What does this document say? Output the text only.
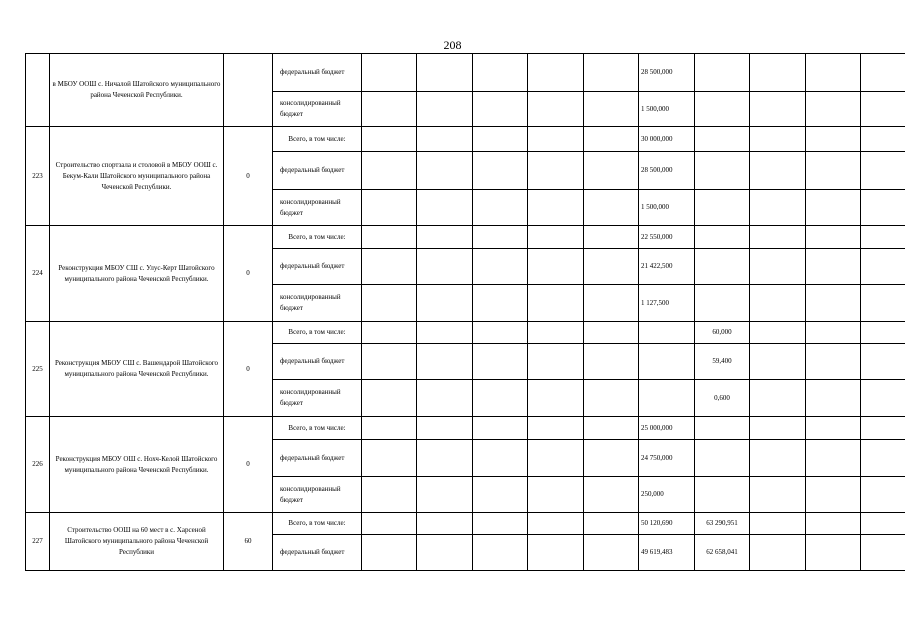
208
	в МБОУ ООШ с. Ничалой Шатойского муниципального района Чеченской Республики.		федеральный бюджет						28 500,000				
			консолидированный бюджет						1 500,000				
223	Строительство спортзала и столовой в МБОУ ООШ с. Бекум-Кали Шатойского муниципального района Чеченской Республики.	0	Всего, в том числе:						30 000,000				
			федеральный бюджет						28 500,000				
			консолидированный бюджет						1 500,000				
224	Реконструкция МБОУ СШ с. Улус-Керт Шатойского муниципального района Чеченской Республики.	0	Всего, в том числе:						22 550,000				
			федеральный бюджет						21 422,500				
			консолидированный бюджет						1 127,500				
225	Реконструкция МБОУ СШ с. Вашендарой Шатойского муниципального района Чеченской Республики.	0	Всего, в том числе:							60,000			
			федеральный бюджет							59,400			
			консолидированный бюджет							0,600			
226	Реконструкция МБОУ ОШ с. Нохч-Келой Шатойского муниципального района Чеченской Республики.	0	Всего, в том числе:						25 000,000				
			федеральный бюджет						24 750,000				
			консолидированный бюджет						250,000				
227	Строительство ООШ на 60 мест в с. Харсеной Шатойского муниципального района Чеченской Республики	60	Всего, в том числе:						50 120,690	63 290,951			
			федеральный бюджет						49 619,483	62 658,041			
